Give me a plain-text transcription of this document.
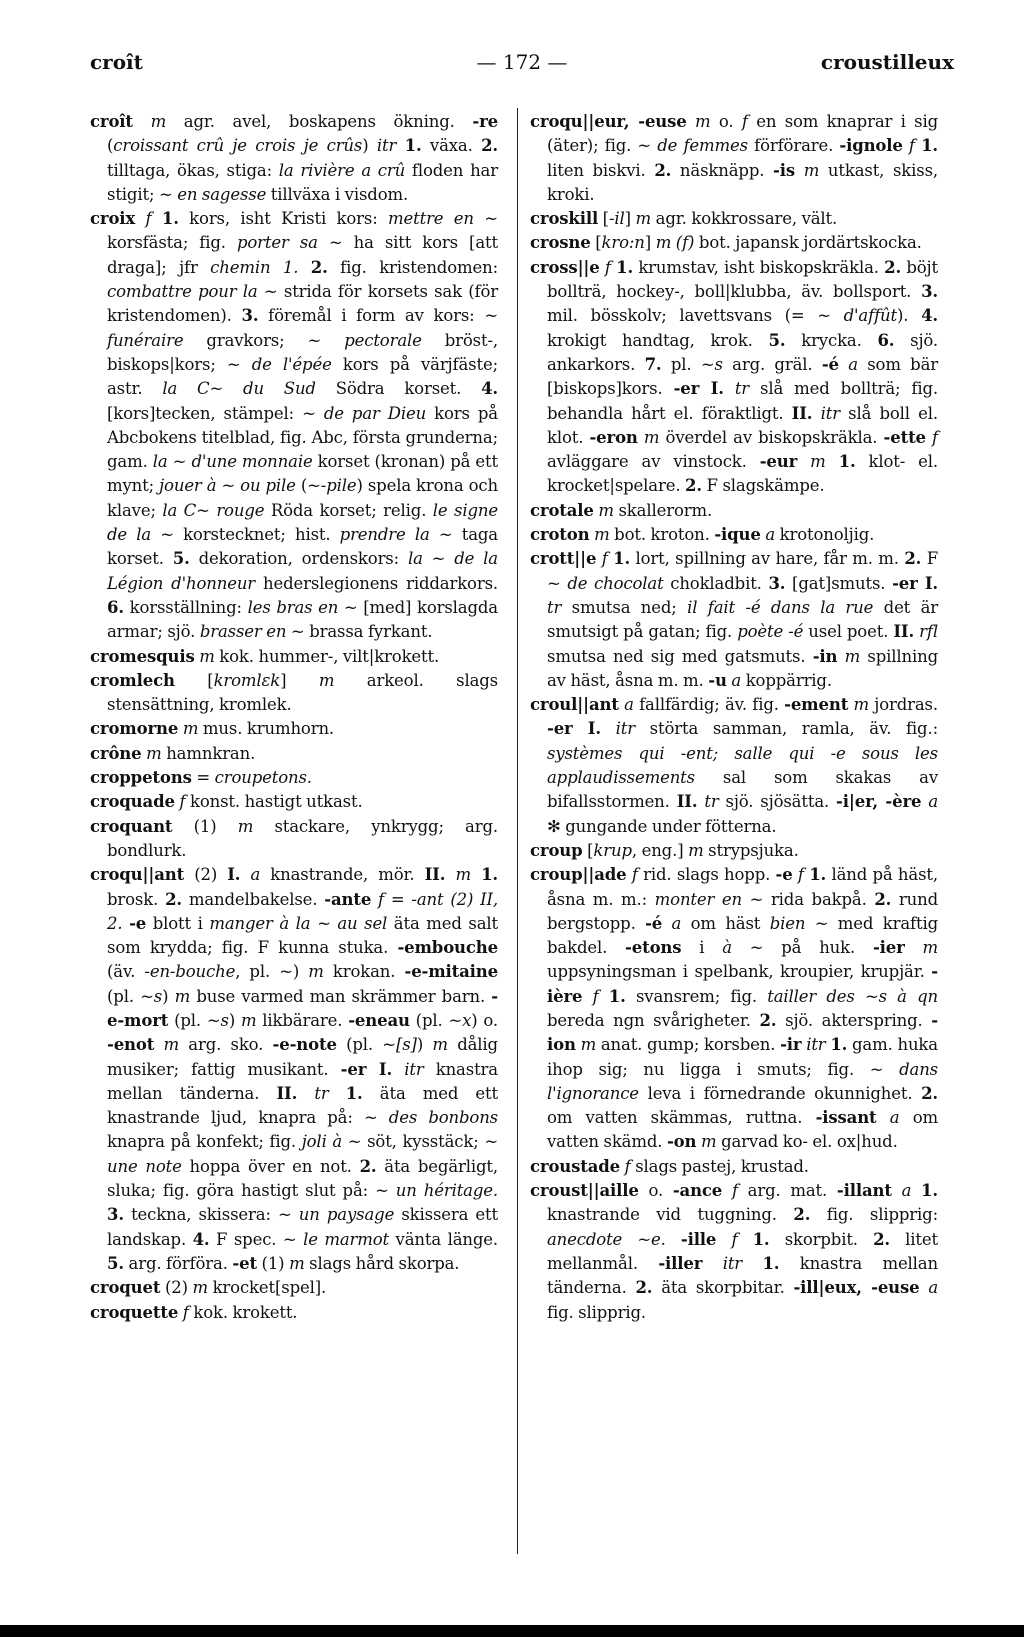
croît	— 172 —	croustilleux

croît m agr. avel, boskapens ökning. -re (croissant crû je crois je crûs) itr 1. växa. 2. tilltaga, ökas, stiga: la rivière a crû floden har stigit; ~ en sagesse tillväxa i visdom.

croix f 1. kors, isht Kristi kors: mettre en ~ korsfästa; fig. porter sa ~ ha sitt kors [att draga]; jfr chemin 1. 2. fig. kristendomen: combattre pour la ~ strida för korsets sak (för kristendomen). 3. föremål i form av kors: ~ funéraire gravkors; ~ pectorale bröst-, biskops|kors; ~ de l'épée kors på värjfäste; astr. la C~ du Sud Södra korset. 4. [kors]tecken, stämpel: ~ de par Dieu kors på Abcbokens titelblad, fig. Abc, första grunderna; gam. la ~ d'une monnaie korset (kronan) på ett mynt; jouer à ~ ou pile (~-pile) spela krona och klave; la C~ rouge Röda korset; relig. le signe de la ~ korstecknet; hist. prendre la ~ taga korset. 5. dekoration, ordenskors: la ~ de la Légion d'honneur hederslegionens riddarkors. 6. korsställning: les bras en ~ [med] korslagda armar; sjö. brasser en ~ brassa fyrkant.

cromesquis m kok. hummer-, vilt|krokett.

cromlech [kromlɛk] m arkeol. slags stensättning, kromlek.

cromorne m mus. krumhorn.

crône m hamnkran.

croppetons = croupetons.

croquade f konst. hastigt utkast.

croquant (1) m stackare, ynkrygg; arg. bondlurk.

croqu||ant (2) I. a knastrande, mör. II. m 1. brosk. 2. mandelbakelse. -ante f = -ant (2) II, 2. -e blott i manger à la ~ au sel äta med salt som krydda; fig. F kunna stuka. -embouche (äv. -en-bouche, pl. ~) m krokan. -e-mitaine (pl. ~s) m buse varmed man skrämmer barn. -e-mort (pl. ~s) m likbärare. -eneau (pl. ~x) o. -enot m arg. sko. -e-note (pl. ~[s]) m dålig musiker; fattig musikant. -er I. itr knastra mellan tänderna. II. tr 1. äta med ett knastrande ljud, knapra på: ~ des bonbons knapra på konfekt; fig. joli à ~ söt, kysstäck; ~ une note hoppa över en not. 2. äta begärligt, sluka; fig. göra hastigt slut på: ~ un héritage. 3. teckna, skissera: ~ un paysage skissera ett landskap. 4. F spec. ~ le marmot vänta länge. 5. arg. förföra. -et (1) m slags hård skorpa.

croquet (2) m krocket[spel].

croquette f kok. krokett.

croqu||eur, -euse m o. f en som knaprar i sig (äter); fig. ~ de femmes förförare. -ignole f 1. liten biskvi. 2. näsknäpp. -is m utkast, skiss, kroki.

croskill [-il] m agr. kokkrossare, vält.

crosne [kro:n] m (f) bot. japansk jordärtskocka.

cross||e f 1. krumstav, isht biskopskräkla. 2. böjt bollträ, hockey-, boll|klubba, äv. bollsport. 3. mil. bösskolv; lavettsvans (= ~ d'affût). 4. krokigt handtag, krok. 5. krycka. 6. sjö. ankarkors. 7. pl. ~s arg. gräl. -é a som bär [biskops]kors. -er I. tr slå med bollträ; fig. behandla hårt el. föraktligt. II. itr slå boll el. klot. -eron m överdel av biskopskräkla. -ette f avläggare av vinstock. -eur m 1. klot- el. krocket|spelare. 2. F slagskämpe.

crotale m skallerorm.

croton m bot. kroton. -ique a krotonoljig.

crott||e f 1. lort, spillning av hare, får m. m. 2. F ~ de chocolat chokladbit. 3. [gat]smuts. -er I. tr smutsa ned; il fait -é dans la rue det är smutsigt på gatan; fig. poète -é usel poet. II. rfl smutsa ned sig med gatsmuts. -in m spillning av häst, åsna m. m. -u a koppärrig.

croul||ant a fallfärdig; äv. fig. -ement m jordras. -er I. itr störta samman, ramla, äv. fig.: systèmes qui -ent; salle qui -e sous les applaudissements sal som skakas av bifallsstormen. II. tr sjö. sjösätta. -i|er, -ère a ✻ gungande under fötterna.

croup [krup, eng.] m strypsjuka.

croup||ade f rid. slags hopp. -e f 1. länd på häst, åsna m. m.: monter en ~ rida bakpå. 2. rund bergstopp. -é a om häst bien ~ med kraftig bakdel. -etons i à ~ på huk. -ier m uppsyningsman i spelbank, kroupier, krupjär. -ière f 1. svansrem; fig. tailler des ~s à qn bereda ngn svårigheter. 2. sjö. akterspring. -ion m anat. gump; korsben. -ir itr 1. gam. huka ihop sig; nu ligga i smuts; fig. ~ dans l'ignorance leva i förnedrande okunnighet. 2. om vatten skämmas, ruttna. -issant a om vatten skämd. -on m garvad ko- el. ox|hud.

croustade f slags pastej, krustad.

croust||aille o. -ance f arg. mat. -illant a 1. knastrande vid tuggning. 2. fig. slipprig: anecdote ~e. -ille f 1. skorpbit. 2. litet mellanmål. -iller itr 1. knastra mellan tänderna. 2. äta skorpbitar. -ill|eux, -euse a fig. slipprig.
